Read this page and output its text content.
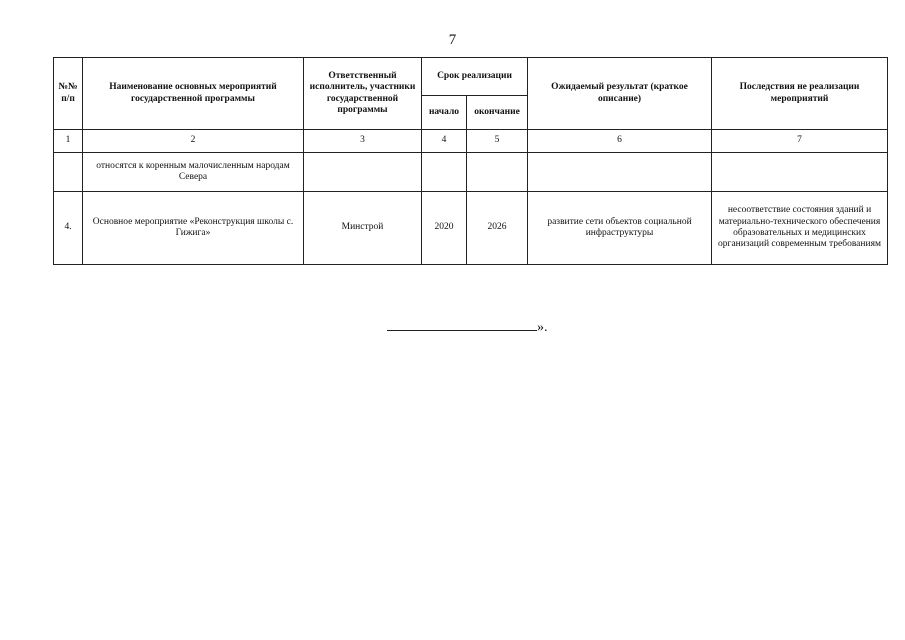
7
№№ п/п	Наименование основных мероприятий государственной программы	Ответственный исполнитель, участники государственной программы	Срок реализации		Ожидаемый результат (краткое описание)	Последствия не реализации мероприятий
			начало	окончание		
1	2	3	4	5	6	7
	относятся к коренным малочисленным народам Севера					
4.	Основное мероприятие «Реконструкция школы с. Гижига»	Минстрой	2020	2026	развитие сети объектов социальной инфраструктуры	несоответствие состояния зданий и материально-технического обеспечения образовательных и медицинских организаций современным требованиям
».
